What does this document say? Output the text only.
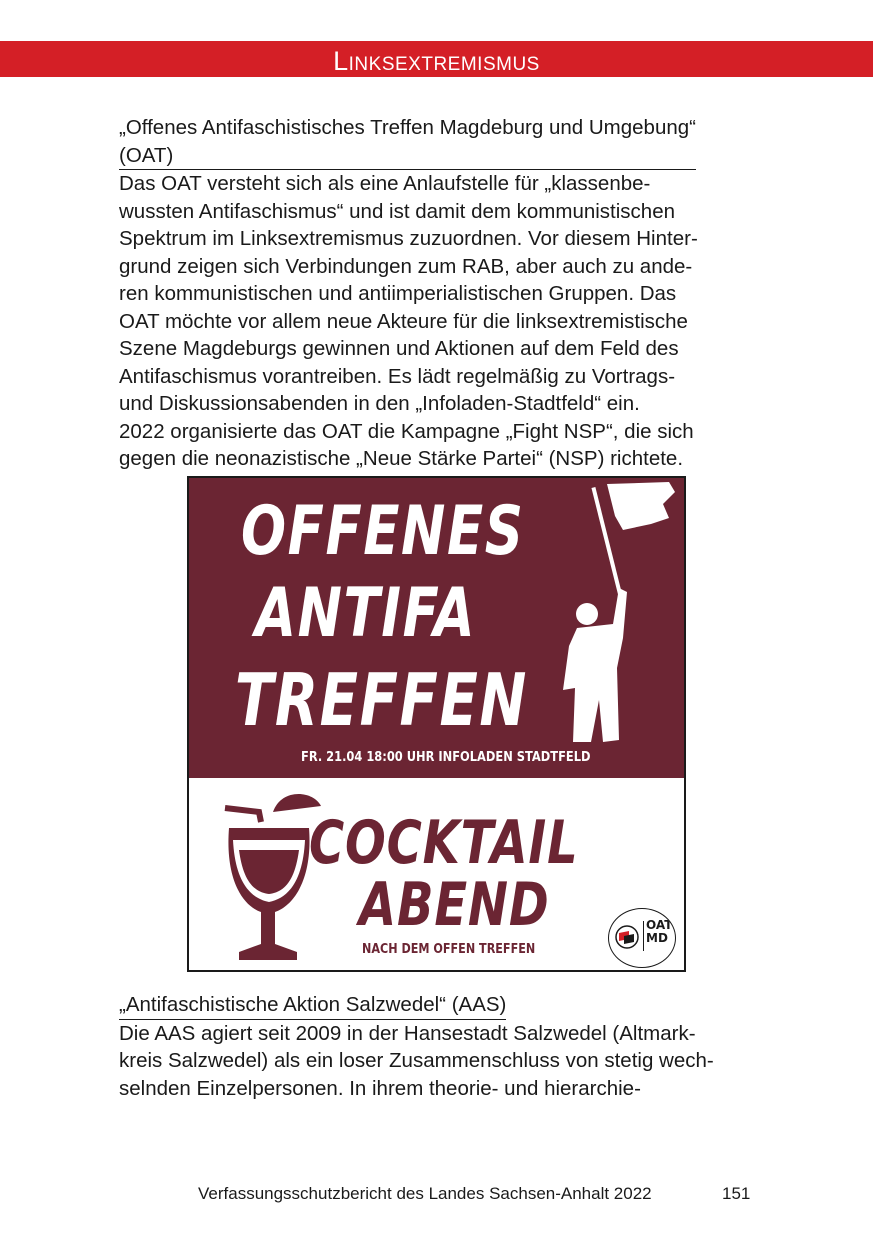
Linksextremismus
„Offenes Antifaschistisches Treffen Magdeburg und Umgebung“
(OAT)

Das OAT versteht sich als eine Anlaufstelle für „klassenbe-
wussten Antifaschismus“ und ist damit dem kommunistischen
Spektrum im Linksextremismus zuzuordnen. Vor diesem Hinter-
grund zeigen sich Verbindungen zum RAB, aber auch zu ande-
ren kommunistischen und antiimperialistischen Gruppen. Das
OAT möchte vor allem neue Akteure für die linksextremistische
Szene Magdeburgs gewinnen und Aktionen auf dem Feld des
Antifaschismus vorantreiben. Es lädt regelmäßig zu Vortrags-
und Diskussionsabenden in den „Infoladen-Stadtfeld“ ein.
2022 organisierte das OAT die Kampagne „Fight NSP“, die sich
gegen die neonazistische „Neue Stärke Partei“ (NSP) richtete.

OFFENES
ANTIFA
TREFFEN
FR. 21.04 18:00 UHR INFOLADEN STADTFELD
COCKTAIL
ABEND
NACH DEM OFFEN TREFFEN
OAT
MD
„Antifaschistische Aktion Salzwedel“ (AAS)

Die AAS agiert seit 2009 in der Hansestadt Salzwedel (Altmark-
kreis Salzwedel) als ein loser Zusammenschluss von stetig wech-
selnden Einzelpersonen. In ihrem theorie- und hierarchie-

Verfassungsschutzbericht des Landes Sachsen-Anhalt 2022	151
